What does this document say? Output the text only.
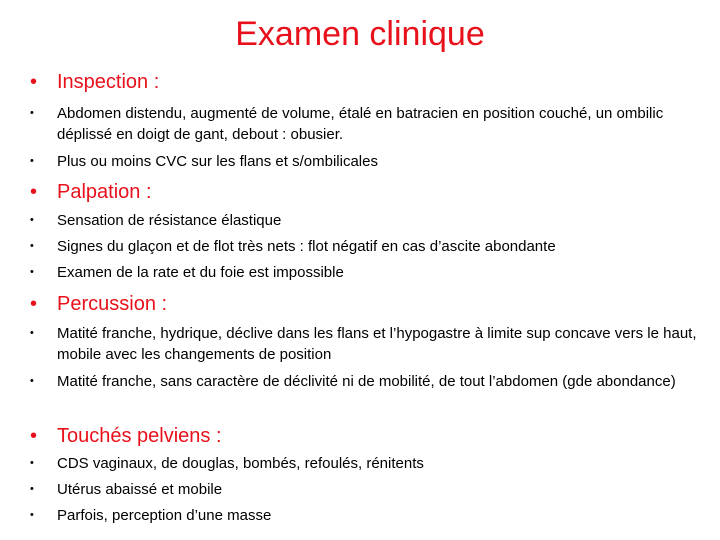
Examen clinique
• Inspection :
•	Abdomen distendu, augmenté de volume, étalé en batracien en position couché, un ombilic déplissé en doigt de gant, debout : obusier.
•	Plus ou moins CVC sur les flans et s/ombilicales
• Palpation :
•	Sensation de résistance élastique
•	Signes du glaçon et de flot très nets : flot négatif en cas d’ascite abondante
•	Examen de la rate et du foie est impossible
• Percussion :
•	Matité franche, hydrique, déclive dans les flans et l’hypogastre à limite sup concave vers le haut, mobile avec les changements de position
•	Matité franche, sans caractère de déclivité ni de mobilité, de tout l’abdomen (gde abondance)
• Touchés pelviens :
•	CDS vaginaux, de douglas, bombés, refoulés, rénitents
•	Utérus abaissé et mobile
•	Parfois, perception d’une masse
